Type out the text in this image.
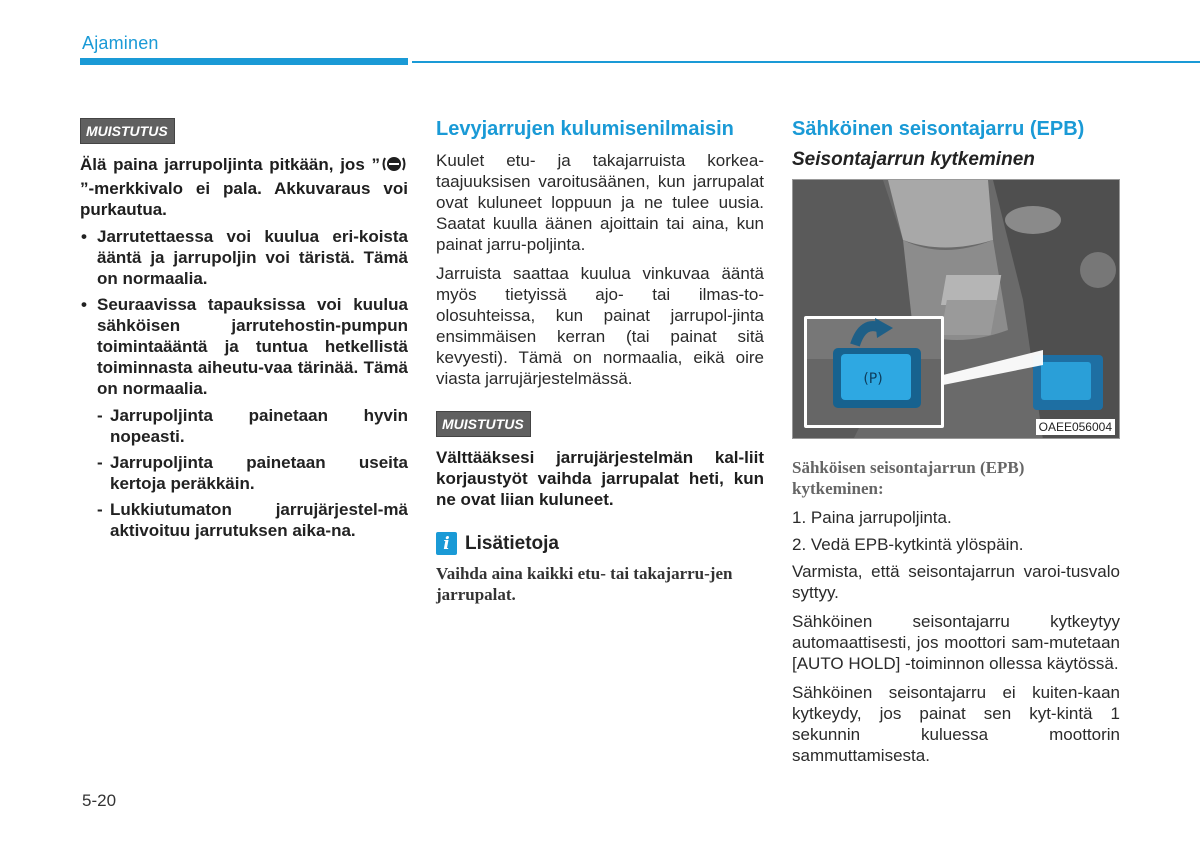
Ajaminen
MUISTUTUS
Älä paina jarrupoljinta pitkään, jos ””-merkkivalo ei pala. Akkuvaraus voi purkautua.
• Jarrutettaessa voi kuulua eri-koista ääntä ja jarrupoljin voi täristä. Tämä on normaalia.
• Seuraavissa tapauksissa voi kuulua sähköisen jarrutehostin-pumpun toimintaääntä ja tuntua hetkellistä toiminnasta aiheutu-vaa tärinää. Tämä on normaalia.
- Jarrupoljinta painetaan hyvin nopeasti.
- Jarrupoljinta painetaan useita kertoja peräkkäin.
- Lukkiutumaton jarrujärjestel-mä aktivoituu jarrutuksen aika-na.
Levyjarrujen kulumisenilmaisin

Kuulet etu- ja takajarruista korkea-taajuuksisen varoitusäänen, kun jarrupalat ovat kuluneet loppuun ja ne tulee uusia. Saatat kuulla äänen ajoittain tai aina, kun painat jarru-poljinta.

Jarruista saattaa kuulua vinkuvaa ääntä myös tietyissä ajo- tai ilmas-to-olosuhteissa, kun painat jarrupol-jinta ensimmäisen kerran (tai painat sitä kevyesti). Tämä on normaalia, eikä oire viasta jarrujärjestelmässä.

MUISTUTUS

Välttääksesi jarrujärjestelmän kal-liit korjaustyöt vaihda jarrupalat heti, kun ne ovat liian kuluneet.

i Lisätietoja

Vaihda aina kaikki etu- tai takajarru-jen jarrupalat.

Sähköinen seisontajarru (EPB)
Seisontajarrun kytkeminen
(P)
OAEE056004

Sähköisen seisontajarrun (EPB) kytkeminen:

1. Paina jarrupoljinta.
2. Vedä EPB-kytkintä ylöspäin.

Varmista, että seisontajarrun varoi-tusvalo syttyy.

Sähköinen seisontajarru kytkeytyy automaattisesti, jos moottori sam-mutetaan [AUTO HOLD] -toiminnon ollessa käytössä.

Sähköinen seisontajarru ei kuiten-kaan kytkeydy, jos painat sen kyt-kintä 1 sekunnin kuluessa moottorin sammuttamisesta.

5-20
